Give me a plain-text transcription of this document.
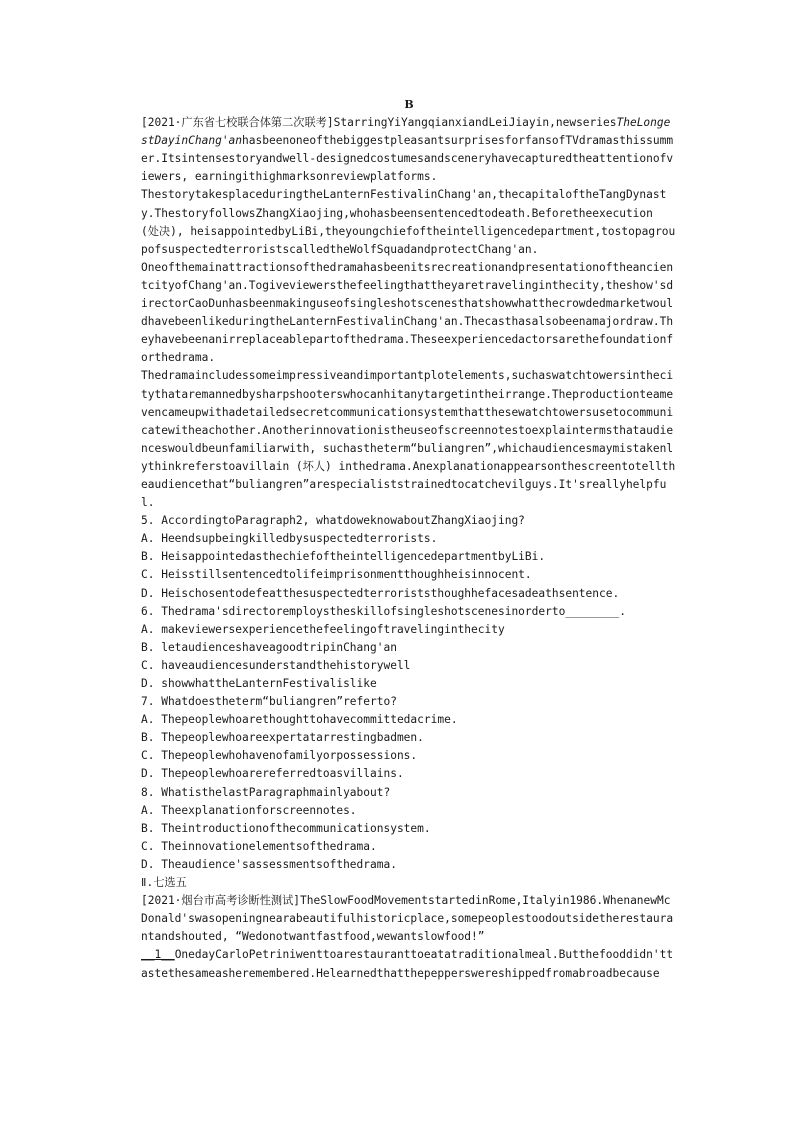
B

[2021·广东省七校联合体第二次联考]StarringYiYangqianxiandLeiJiayin,newseriesTheLongestDayinChang'anhasbeenoneofthebiggestpleasantsurprisesforfansofTVdramasthissummer.Itsintensestoryandwell-designedcostumesandsceneryhavecapturedtheattentionofviewers, earningithighmarksonreviewplatforms.

ThestorytakesplaceduringtheLanternFestivalinChang'an,thecapitaloftheTangDynasty.ThestoryfollowsZhangXiaojing,whohasbeensentencedtodeath.Beforetheexecution (处决), heisappointedbyLiBi,theyoungchiefoftheintelligencedepartment,tostopagroupofsuspectedterroristscalledtheWolfSquadandprotectChang'an.

OneofthemainattractionsofthedramahasbeenitsrecreationandpresentationoftheancientcityofChang'an.Togiveviewersthefeelingthattheyaretravelinginthecity,theshow'sdirectorCaoDunhasbeenmakinguseofsingleshotscenesthatshowwhatthecrowdedmarketwouldhavebeenlikeduringtheLanternFestivalinChang'an.Thecasthasalsobeenamajordraw.Theyhavebeenanirreplaceablepartofthedrama.Theseexperiencedactorsarethefoundationforthedrama.

Thedramaincludessomeimpressiveandimportantplotelements,suchaswatchtowersinthecitythataremannedbysharpshooterswhocanhitanytargetintheirrange.Theproductionteamevencameupwithadetailedsecretcommunicationsystemthatthesewatchtowersusetocommunicatewitheachother.Anotherinnovationistheuseofscreennotestoexplaintermsthataudienceswouldbeunfamiliarwith, suchastheterm“buliangren”,whichaudiencesmaymistakenlythinkreferstoavillain (坏人) inthedrama.Anexplanationappearsonthescreentotelltheaudiencethat“buliangren”arespecialiststrainedtocatchevilguys.It'sreallyhelpful.

5. AccordingtoParagraph2, whatdoweknowaboutZhangXiaojing?

A. Heendsupbeingkilledbysuspectedterrorists.

B. HeisappointedasthechiefoftheintelligencedepartmentbyLiBi.

C. Heisstillsentencedtolifeimprisonmentthoughheisinnocent.

D. Heischosentodefeatthesuspectedterroriststhoughhefacesadeathsentence.

6. Thedrama'sdirectoremploystheskillofsingleshotscenesinorderto________.

A. makeviewersexperiencethefeelingoftravelinginthecity

B. letaudienceshaveagoodtripinChang'an

C. haveaudiencesunderstandthehistorywell

D. showwhattheLanternFestivalislike

7. Whatdoestheterm“buliangren”referto?

A. Thepeoplewhoarethoughttohavecommittedacrime.

B. Thepeoplewhoareexpertatarrestingbadmen.

C. Thepeoplewhohavenofamilyorpossessions.

D. Thepeoplewhoarereferredtoasvillains.

8. WhatisthelastParagraphmainlyabout?

A. Theexplanationforscreennotes.

B. Theintroductionofthecommunicationsystem.

C. Theinnovationelementsofthedrama.

D. Theaudience'sassessmentsofthedrama.

Ⅱ.七选五

[2021·烟台市高考诊断性测试]TheSlowFoodMovementstartedinRome,Italyin1986.WhenanewMcDonald'swasopeningnearabeautifulhistoricplace,somepeoplestoodoutsidetherestaurantandshouted, “Wedonotwantfastfood,wewantslowfood!”

__1__OnedayCarloPetriniwenttoarestauranttoeatatraditionalmeal.Butthefooddidn'ttastethesameasheremembered.Helearnedthatthepepperswereshippedfromabroadbecause
